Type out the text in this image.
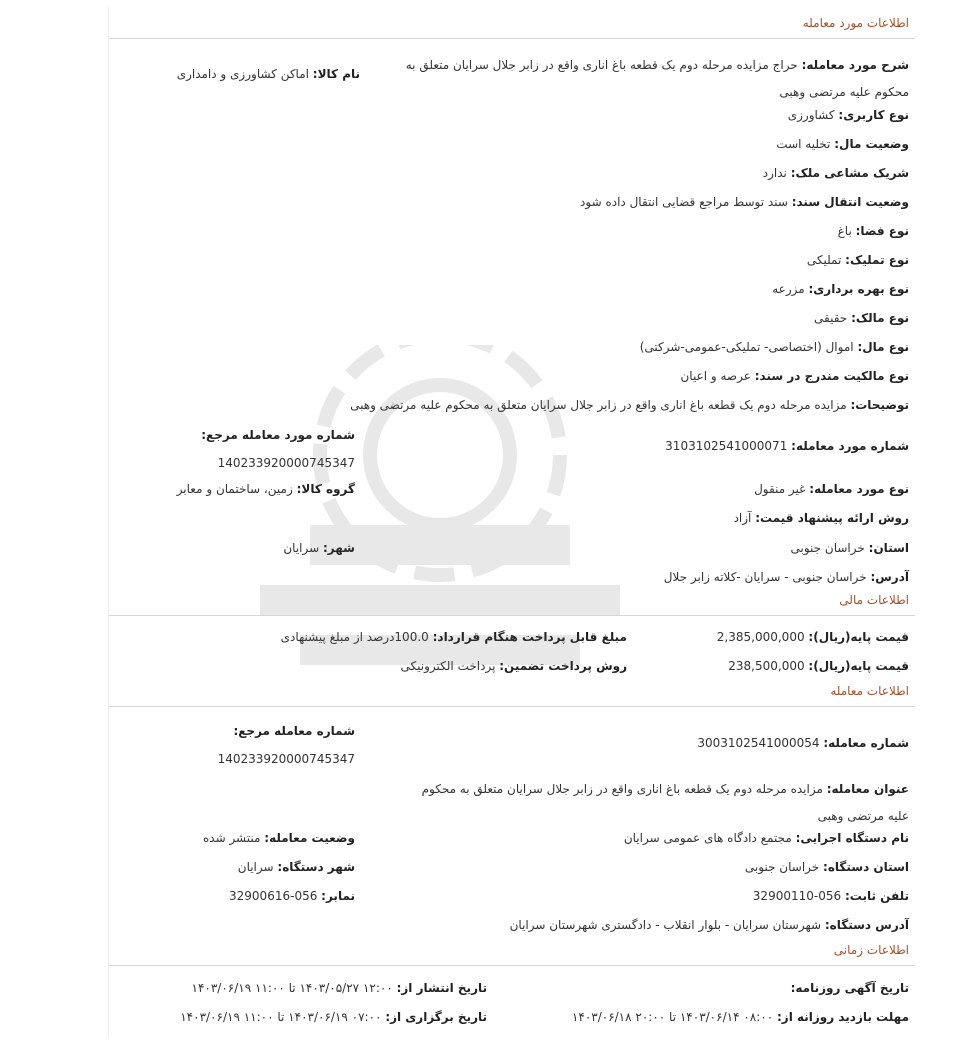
اطلاعات مورد معامله
شرح مورد معامله: حراج مزایده مرحله دوم یک قطعه باغ اناری واقع در زابر جلال سرایان متعلق به محکوم علیه مرتضی وهبی
نام کالا: اماکن کشاورزی و دامداری
نوع کاربری: کشاورزی
وضعیت مال: تخلیه است
شریک مشاعی ملک: ندارد
وضعیت انتقال سند: سند توسط مراجع قضایی انتقال داده شود
نوع فضا: باغ
نوع تملیک: تملیکی
نوع بهره برداری: مزرعه
نوع مالک: حقیقی
نوع مال: اموال (اختصاصی- تملیکی-عمومی-شرکتی)
نوع مالکیت مندرج در سند: عرصه و اعیان
توضیحات: مزایده مرحله دوم یک قطعه باغ اناری واقع در زابر جلال سرایان متعلق به محکوم علیه مرتضی وهبی
شماره مورد معامله: 3103102541000071
شماره مورد معامله مرجع:
140233920000745347
نوع مورد معامله: غیر منقول
گروه کالا: زمین، ساختمان و معابر
روش ارائه پیشنهاد قیمت: آزاد
استان: خراسان جنوبی
شهر: سرایان
آدرس: خراسان جنوبی - سرایان -کلاته زابر جلال
اطلاعات مالی
قیمت پایه(ریال): 2,385,000,000
مبلغ قابل پرداخت هنگام قرارداد: 100.0درصد از مبلغ پیشنهادی
قیمت پایه(ریال): 238,500,000
روش پرداخت تضمین: پرداخت الکترونیکی
اطلاعات معامله
شماره معامله: 3003102541000054
شماره معامله مرجع:
140233920000745347
عنوان معامله: مزایده مرحله دوم یک قطعه باغ اناری واقع در زابر جلال سرایان متعلق به محکوم علیه مرتضی وهبی
نام دستگاه اجرایی: مجتمع دادگاه های عمومی سرایان
وضعیت معامله: منتشر شده
استان دستگاه: خراسان جنوبی
شهر دستگاه: سرایان
تلفن ثابت: 056-32900110
نمابر: 056-32900616
آدرس دستگاه: شهرستان سرایان - بلوار انقلاب - دادگستری شهرستان سرایان
اطلاعات زمانی
تاریخ آگهی روزنامه:
تاریخ انتشار از: ۱۲:۰۰ ۱۴۰۳/۰۵/۲۷ تا ۱۱:۰۰ ۱۴۰۳/۰۶/۱۹
مهلت بازدید روزانه از: ۰۸:۰۰ ۱۴۰۳/۰۶/۱۴ تا ۲۰:۰۰ ۱۴۰۳/۰۶/۱۸
تاریخ برگزاری از: ۰۷:۰۰ ۱۴۰۳/۰۶/۱۹ تا ۱۱:۰۰ ۱۴۰۳/۰۶/۱۹
